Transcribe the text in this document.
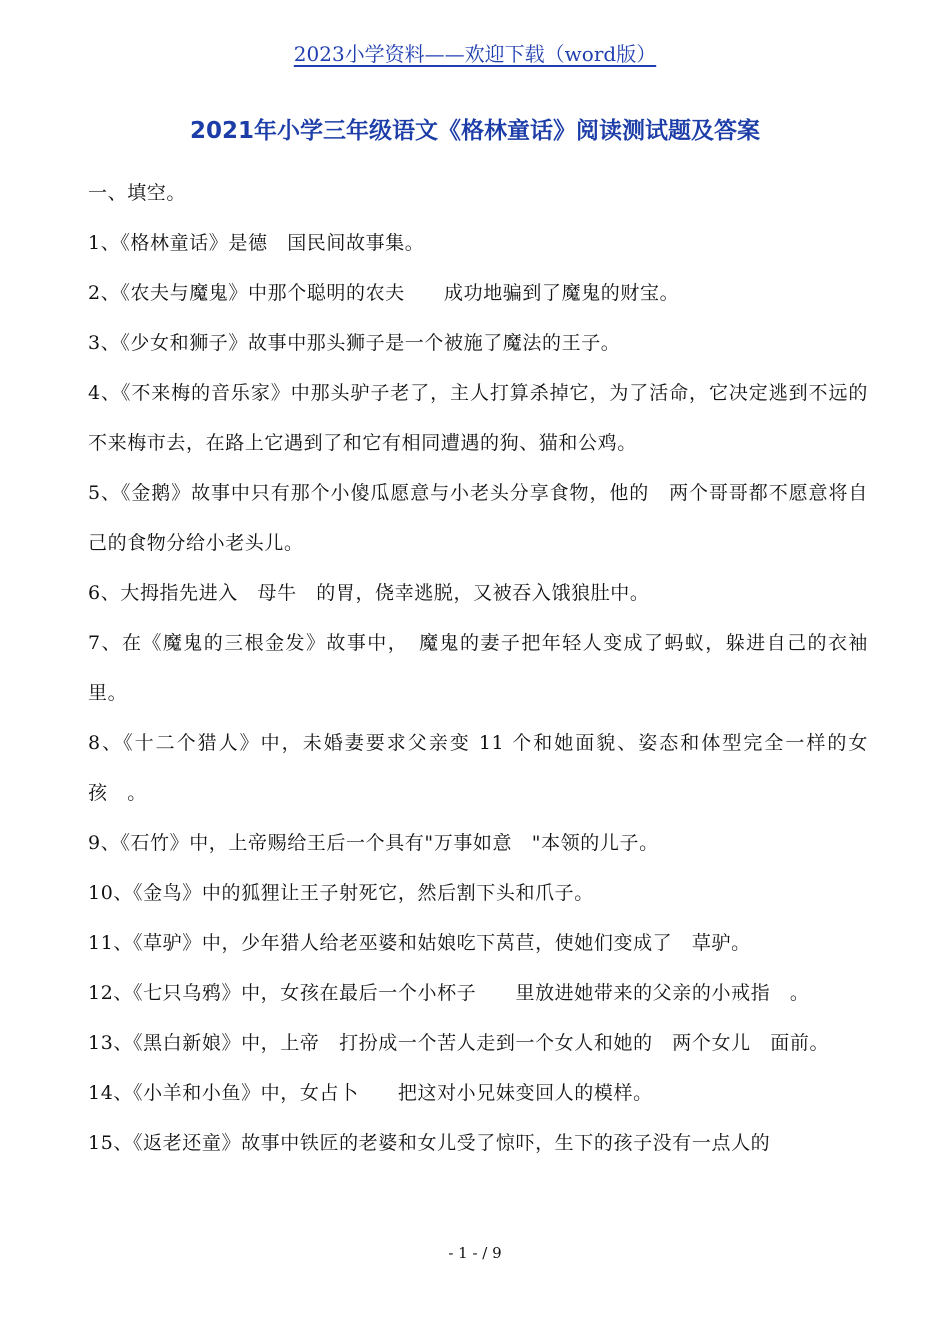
2023小学资料——欢迎下载（word版）
2021年小学三年级语文《格林童话》阅读测试题及答案

一、填空。

1、《格林童话》是德　国民间故事集。

2、《农夫与魔鬼》中那个聪明的农夫　　成功地骗到了魔鬼的财宝。

3、《少女和狮子》故事中那头狮子是一个被施了魔法的王子。

4、《不来梅的音乐家》中那头驴子老了，主人打算杀掉它，为了活命，它决定逃到不远的不来梅市去，在路上它遇到了和它有相同遭遇的狗、猫和公鸡。

5、《金鹅》故事中只有那个小傻瓜愿意与小老头分享食物，他的　两个哥哥都不愿意将自己的食物分给小老头儿。

6、大拇指先进入　母牛　的胃，侥幸逃脱，又被吞入饿狼肚中。

7、在《魔鬼的三根金发》故事中，　魔鬼的妻子把年轻人变成了蚂蚁，躲进自己的衣袖里。

8、《十二个猎人》中，未婚妻要求父亲变 11 个和她面貌、姿态和体型完全一样的女孩　。

9、《石竹》中，上帝赐给王后一个具有"万事如意　"本领的儿子。

10、《金鸟》中的狐狸让王子射死它，然后割下头和爪子。

11、《草驴》中，少年猎人给老巫婆和姑娘吃下莴苣，使她们变成了　草驴。

12、《七只乌鸦》中，女孩在最后一个小杯子　　里放进她带来的父亲的小戒指　。

13、《黑白新娘》中，上帝　打扮成一个苦人走到一个女人和她的　两个女儿　面前。

14、《小羊和小鱼》中，女占卜　　把这对小兄妹变回人的模样。

15、《返老还童》故事中铁匠的老婆和女儿受了惊吓，生下的孩子没有一点人的

- 1 - / 9
